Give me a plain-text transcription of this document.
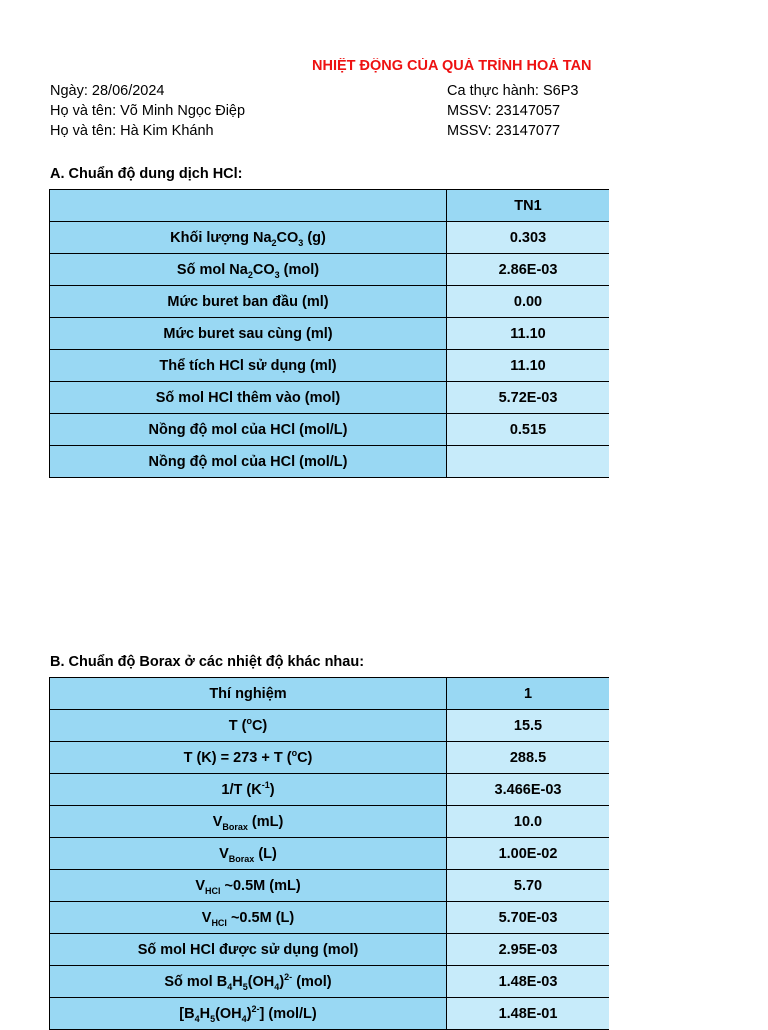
NHIỆT ĐỘNG CỦA QUÁ TRÌNH HOÀ TAN
Ngày: 28/06/2024
Họ và tên: Võ Minh Ngọc Điệp
Họ và tên: Hà Kim Khánh
Ca thực hành: S6P3
MSSV: 23147057
MSSV: 23147077
A. Chuẩn độ dung dịch HCl:
	TN1
Khối lượng $Na_2CO_3$ (g)	0.303
Số mol $Na_2CO_3$ (mol)	2.86E-03
Mức buret ban đầu (ml)	0.00
Mức buret sau cùng (ml)	11.10
Thể tích HCl sử dụng (ml)	11.10
Số mol HCl thêm vào (mol)	5.72E-03
Nồng độ mol của HCl (mol/L)	0.515
Nồng độ mol của HCl (mol/L)	
B. Chuẩn độ Borax ở các nhiệt độ khác nhau:
Thí nghiệm	1
T ($^o$C)	15.5
T (K) = 273 + T ($^o$C)	288.5
1/T $(K^{-1})$	3.466E-03
$V_{Borax}$ (mL)	10.0
$V_{Borax}$ (L)	1.00E-02
$V_{HCl}$ ~0.5M (mL)	5.70
$V_{HCl}$ ~0.5M (L)	5.70E-03
Số mol HCl được sử dụng (mol)	2.95E-03
Số mol $B_4H_5(OH_4)^{2-}$ (mol)	1.48E-03
$[B_4H_5(OH_4)^{2-}]$ (mol/L)	1.48E-01
